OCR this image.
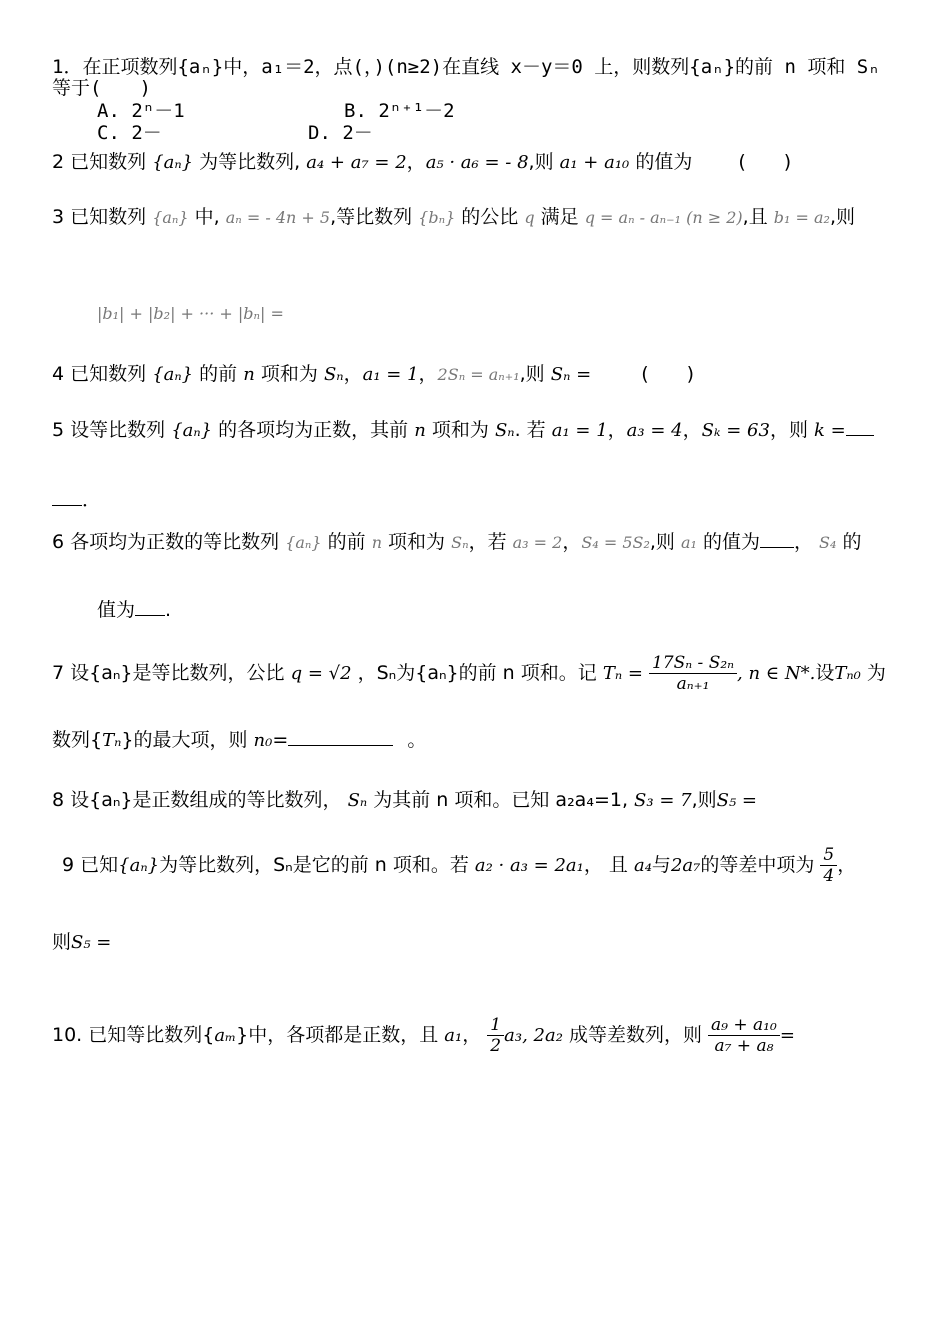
1．在正项数列{aₙ}中，a₁＝2，点(，)(n≥2)在直线 x－y＝0 上，则数列{aₙ}的前 n 项和 Sₙ
等于(　　)
A. 2ⁿ－1	B. 2ⁿ⁺¹－2
C. 2－	D. 2－
2 已知数列 {aₙ} 为等比数列, a₄ + a₇ = 2，a₅ · a₆ = - 8,则 a₁ + a₁₀ 的值为 (　　)
3 已知数列 {aₙ} 中, aₙ = - 4n + 5,等比数列 {bₙ} 的公比 q 满足 q = aₙ - aₙ₋₁ (n ≥ 2),且 b₁ = a₂,则
|b₁| + |b₂| + ··· + |bₙ| =
4 已知数列 {aₙ} 的前 n 项和为 Sₙ，a₁ = 1，2Sₙ = aₙ₊₁,则 Sₙ =	(　　)
5 设等比数列 {aₙ} 的各项均为正数，其前 n 项和为 Sₙ. 若 a₁ = 1，a₃ = 4，Sₖ = 63，则 k =
．
6 各项均为正数的等比数列 {aₙ} 的前 n 项和为 Sₙ，若 a₃ = 2，S₄ = 5S₂,则 a₁ 的值为 ， S₄ 的
值为 .
7 设{aₙ}是等比数列，公比 q = √2 ，Sₙ为{aₙ}的前 n 项和。记 $T_n = \frac{\text{17Sₙ - S₂ₙ}}{\text{aₙ₊₁}}$ , n ∈ N*.设Tₙ₀ 为
数列{Tₙ}的最大项，则 n₀=	。
8 设{aₙ}是正数组成的等比数列， Sₙ 为其前 n 项和。已知 a₂a₄=1, S₃ = 7,则S₅ =
9 已知{aₙ}为等比数列，Sₙ是它的前 n 项和。若 a₂ · a₃ = 2a₁， 且 a₄与2a₇的等差中项为 $\frac{5}{4}$ ，
则S₅ =
10. 已知等比数列{aₘ}中，各项都是正数，且 a₁， $\frac{1}{2} a_3$, 2a₂ 成等差数列，则 $\frac{\text{a₉ + a₁₀}}{\text{a₇ + a₈}}$ =
